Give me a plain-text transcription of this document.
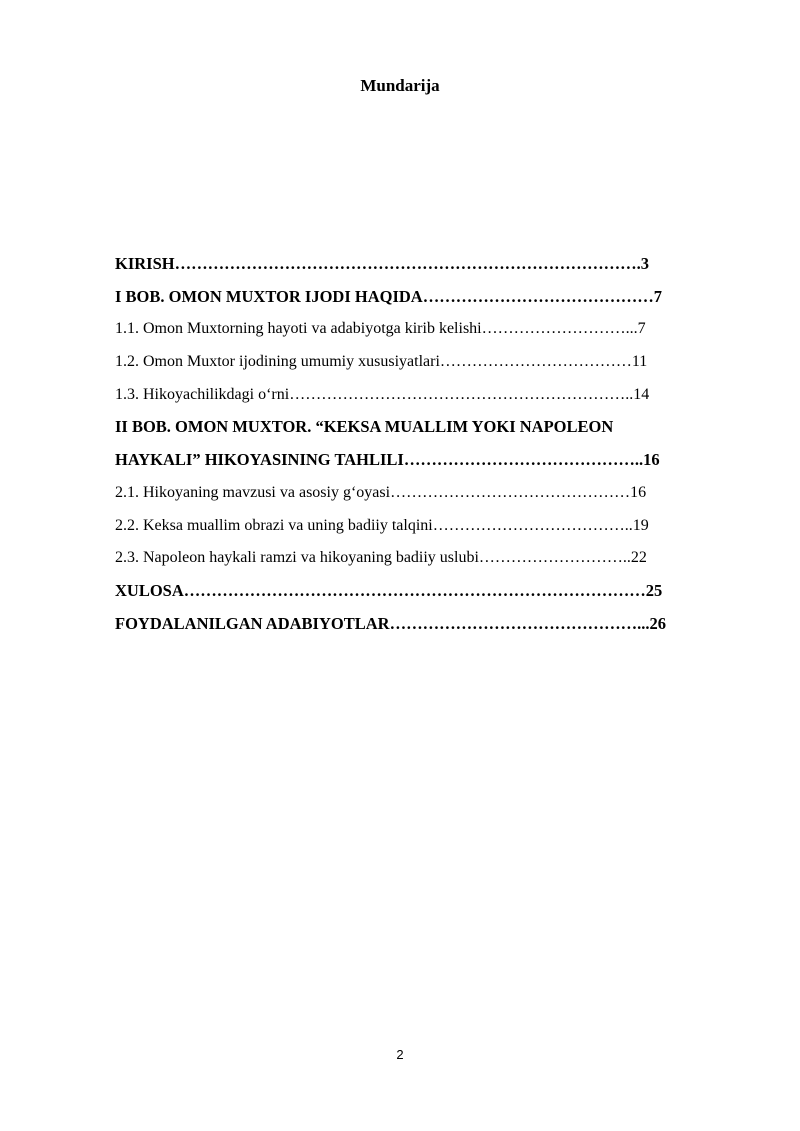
Mundarija
KIRISH………………………………………………………………………….3
I BOB. OMON MUXTOR IJODI HAQIDA……………………………………7
1.1. Omon Muxtorning hayoti va adabiyotga kirib kelishi………………………...7
1.2. Omon Muxtor ijodining umumiy xususiyatlari………………………………11
1.3. Hikoyachilikdagi o‘rni………………………………………………………..14
II BOB. OMON MUXTOR. “KEKSA MUALLIM YOKI NAPOLEON
HAYKALI” HIKOYASINING TAHLILI……………………………………..16
2.1. Hikoyaning mavzusi va asosiy g‘oyasi………………………………………16
2.2. Keksa muallim obrazi va uning badiiy talqini………………………………..19
2.3. Napoleon haykali ramzi va hikoyaning badiiy uslubi………………………..22
XULOSA…………………………………………………………………………25
FOYDALANILGAN ADABIYOTLAR………………………………………...26
2
